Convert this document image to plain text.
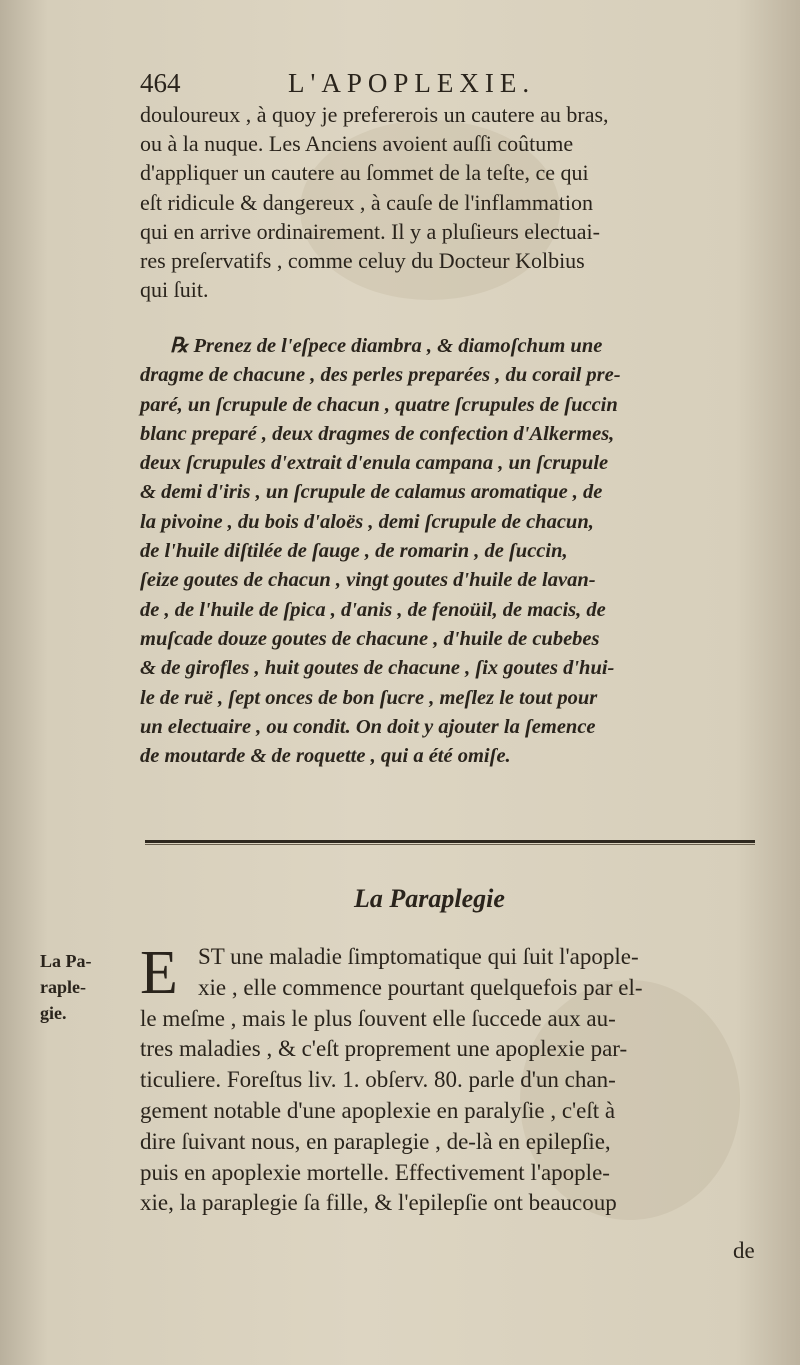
464	L'APOPLEXIE.
douloureux , à quoy je prefererois un cautere au bras,
ou à la nuque. Les Anciens avoient auſſi coûtume
d'appliquer un cautere au ſommet de la teſte, ce qui
eſt ridicule & dangereux , à cauſe de l'inflammation
qui en arrive ordinairement. Il y a pluſieurs electuai-
res preſervatifs , comme celuy du Docteur Kolbius
qui ſuit.
℞ Prenez de l'eſpece diambra , & diamoſchum une
dragme de chacune , des perles preparées , du corail pre-
paré, un ſcrupule de chacun , quatre ſcrupules de ſuccin
blanc preparé , deux dragmes de confection d'Alkermes,
deux ſcrupules d'extrait d'enula campana , un ſcrupule
& demi d'iris , un ſcrupule de calamus aromatique , de
la pivoine , du bois d'aloës , demi ſcrupule de chacun,
de l'huile diſtilée de ſauge , de romarin , de ſuccin,
ſeize goutes de chacun , vingt goutes d'huile de lavan-
de , de l'huile de ſpica , d'anis , de fenoüil, de macis, de
muſcade douze goutes de chacune , d'huile de cubebes
& de girofles , huit goutes de chacune , ſix goutes d'hui-
le de ruë , ſept onces de bon ſucre , meſlez le tout pour
un electuaire , ou condit. On doit y ajouter la ſemence
de moutarde & de roquette , qui a été omiſe.
La Paraplegie
La Pa-
raple-
gie.
E ST une maladie ſimptomatique qui ſuit l'apople-
xie , elle commence pourtant quelquefois par el-
le meſme , mais le plus ſouvent elle ſuccede aux au-
tres maladies , & c'eſt proprement une apoplexie par-
ticuliere. Foreſtus liv. 1. obſerv. 80. parle d'un chan-
gement notable d'une apoplexie en paralyſie , c'eſt à
dire ſuivant nous, en paraplegie , de-là en epilepſie,
puis en apoplexie mortelle. Effectivement l'apople-
xie, la paraplegie ſa fille, & l'epilepſie ont beaucoup
de
